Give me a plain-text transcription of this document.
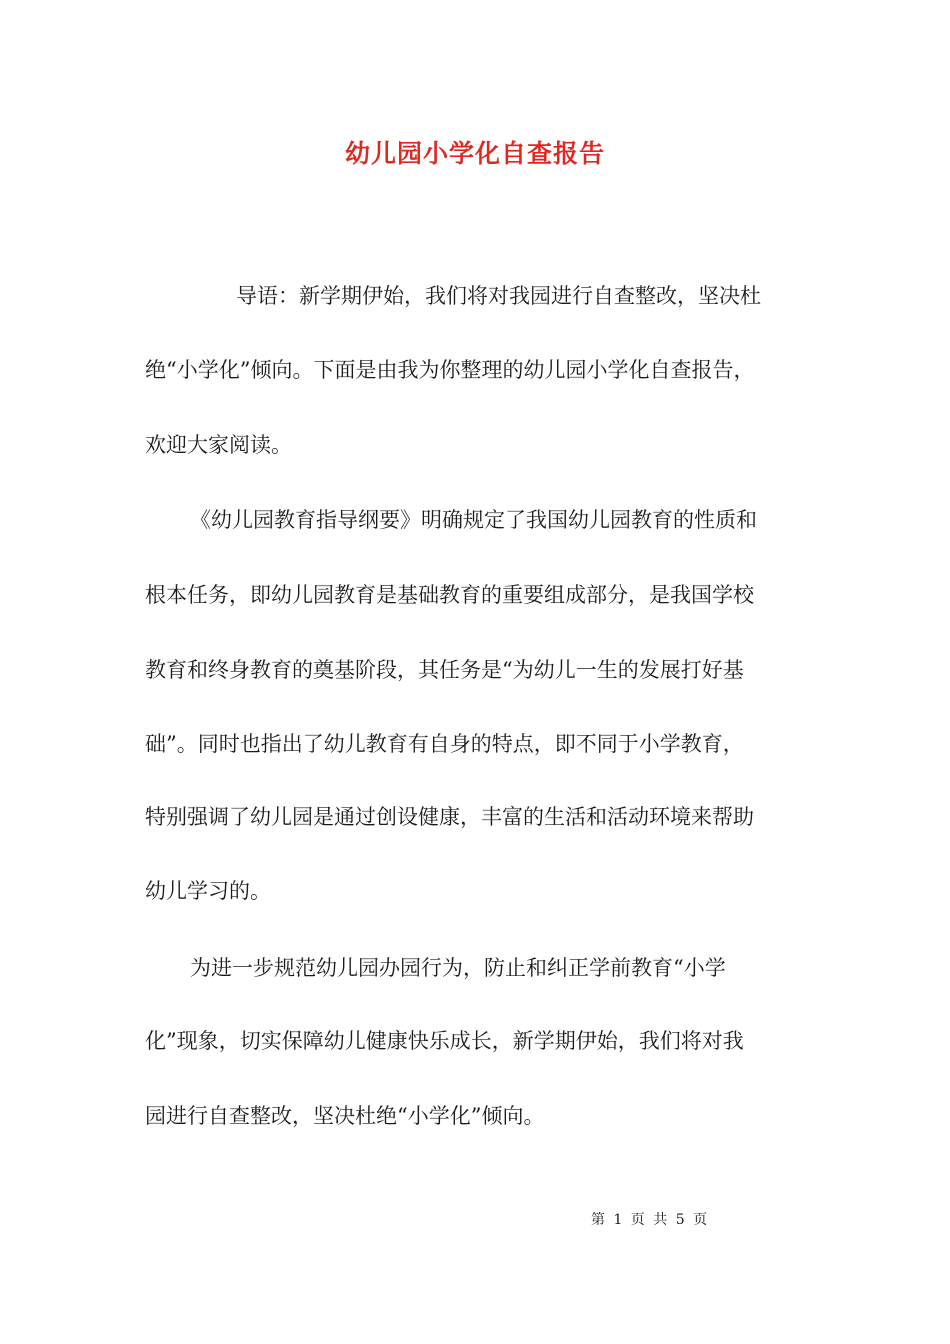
幼儿园小学化自查报告

导语：新学期伊始，我们将对我园进行自查整改，坚决杜

绝“小学化”倾向。下面是由我为你整理的幼儿园小学化自查报告，

欢迎大家阅读。

《幼儿园教育指导纲要》明确规定了我国幼儿园教育的性质和

根本任务，即幼儿园教育是基础教育的重要组成部分，是我国学校

教育和终身教育的奠基阶段，其任务是“为幼儿一生的发展打好基

础”。同时也指出了幼儿教育有自身的特点，即不同于小学教育，

特别强调了幼儿园是通过创设健康，丰富的生活和活动环境来帮助

幼儿学习的。

为进一步规范幼儿园办园行为，防止和纠正学前教育“小学

化”现象，切实保障幼儿健康快乐成长，新学期伊始，我们将对我

园进行自查整改，坚决杜绝“小学化”倾向。

第 1 页 共 5 页
